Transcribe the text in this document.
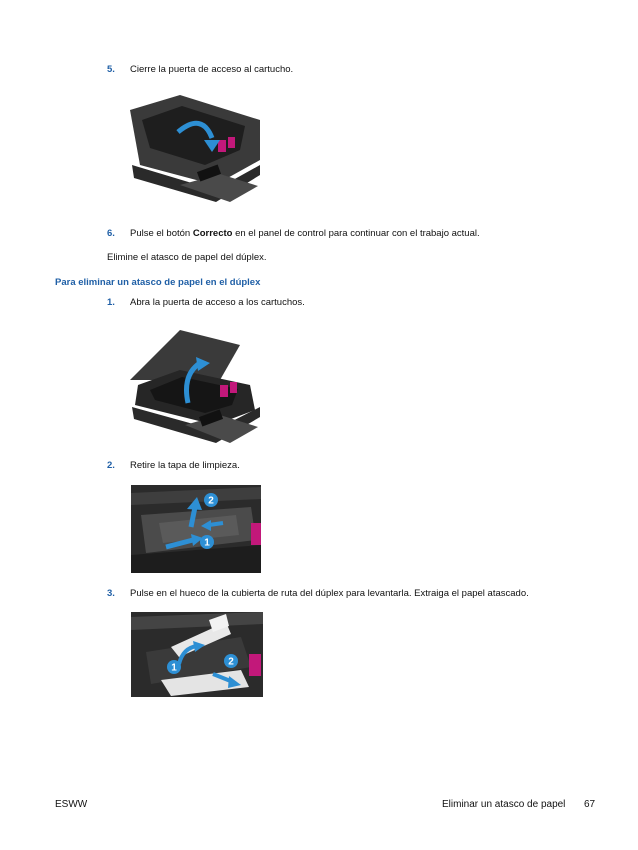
5. Cierre la puerta de acceso al cartucho.
6. Pulse el botón Correcto en el panel de control para continuar con el trabajo actual.
Elimine el atasco de papel del dúplex.
Para eliminar un atasco de papel en el dúplex
1. Abra la puerta de acceso a los cartuchos.
2. Retire la tapa de limpieza.
2
1
3. Pulse en el hueco de la cubierta de ruta del dúplex para levantarla. Extraiga el papel atascado.
1
2
ESWW	Eliminar un atasco de papel 67
